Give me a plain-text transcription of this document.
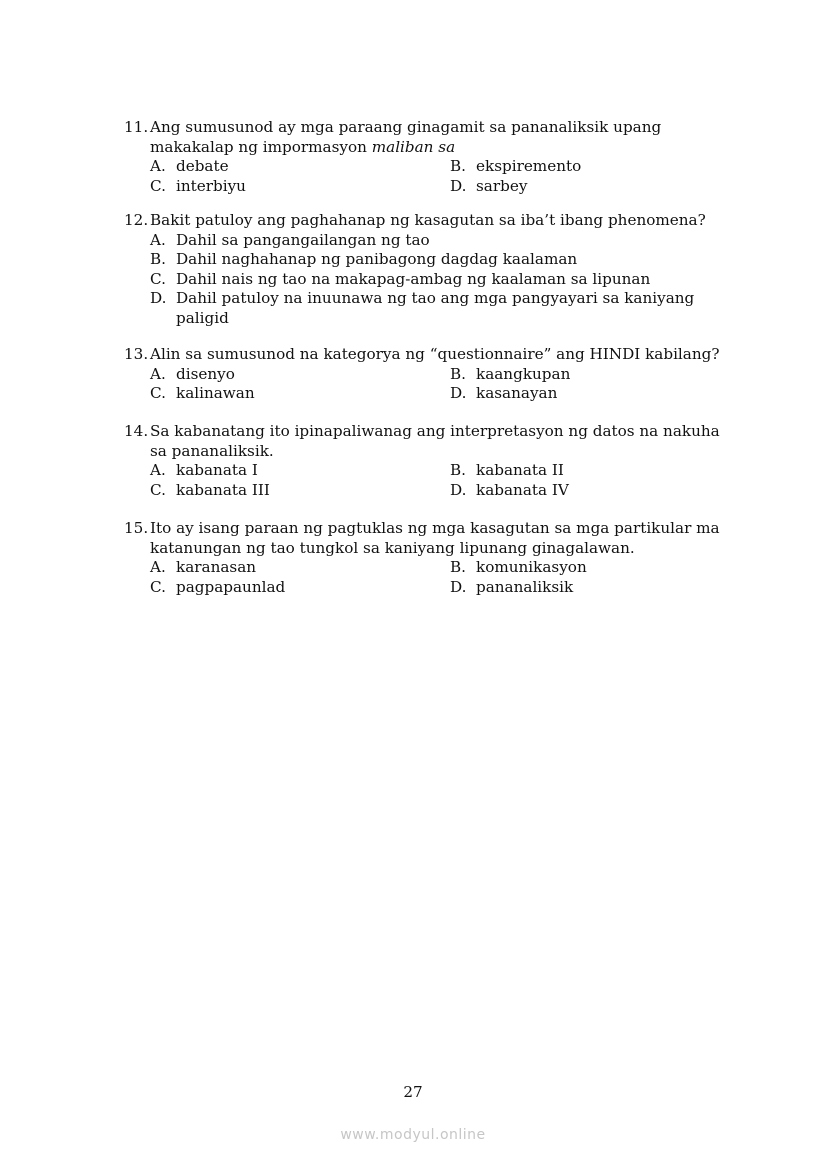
11. Ang sumusunod ay mga paraang ginagamit sa pananaliksik upang
makakalap ng impormasyon maliban sa
A. debate	B. ekspiremento
C. interbiyu	D. sarbey
12. Bakit patuloy ang paghahanap ng kasagutan sa iba’t ibang phenomena?
A. Dahil sa pangangailangan ng tao
B. Dahil naghahanap ng panibagong dagdag kaalaman
C. Dahil nais ng tao na makapag-ambag ng kaalaman sa lipunan
D. Dahil patuloy na inuunawa ng tao ang mga pangyayari sa kaniyang
paligid
13. Alin sa sumusunod na kategorya ng “questionnaire” ang HINDI kabilang?
A. disenyo	B. kaangkupan
C. kalinawan	D. kasanayan
14. Sa kabanatang ito ipinapaliwanag ang interpretasyon ng datos na nakuha
sa pananaliksik.
A. kabanata I	B. kabanata II
C. kabanata III	D. kabanata IV
15. Ito ay isang paraan ng pagtuklas ng mga kasagutan sa mga partikular ma
katanungan ng tao tungkol sa kaniyang lipunang ginagalawan.
A. karanasan	B. komunikasyon
C. pagpapaunlad	D. pananaliksik
27
www.modyul.online
